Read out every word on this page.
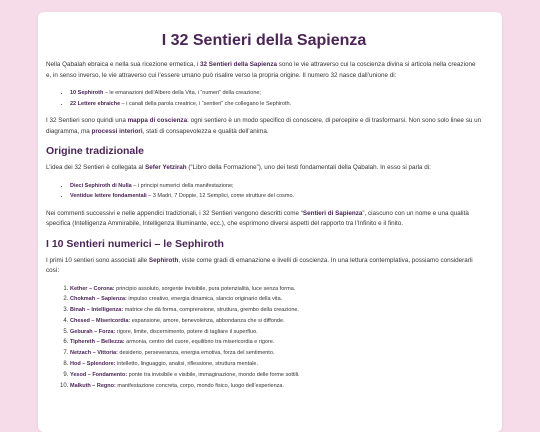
I 32 Sentieri della Sapienza

Nella Qabalah ebraica e nella sua ricezione ermetica, i 32 Sentieri della Sapienza sono le vie attraverso cui la coscienza divina si articola nella creazione e, in senso inverso, le vie attraverso cui l’essere umano può risalire verso la propria origine. Il numero 32 nasce dall’unione di:

• 10 Sephiroth – le emanazioni dell’Albero della Vita, i “numeri” della creazione;
• 22 Lettere ebraiche – i canali della parola creatrice, i “sentieri” che collegano le Sephiroth.

I 32 Sentieri sono quindi una mappa di coscienza: ogni sentiero è un modo specifico di conoscere, di percepire e di trasformarsi. Non sono solo linee su un diagramma, ma processi interiori, stati di consapevolezza e qualità dell’anima.

Origine tradizionale

L’idea dei 32 Sentieri è collegata al Sefer Yetzirah (“Libro della Formazione”), uno dei testi fondamentali della Qabalah. In esso si parla di:

• Dieci Sephiroth di Nulla – i principi numerici della manifestazione;
• Ventidue lettere fondamentali – 3 Madri, 7 Doppie, 12 Semplici, come strutture del cosmo.

Nei commenti successivi e nelle appendici tradizionali, i 32 Sentieri vengono descritti come “Sentieri di Sapienza”, ciascuno con un nome e una qualità specifica (Intelligenza Ammirabile, Intelligenza Illuminante, ecc.), che esprimono diversi aspetti del rapporto tra l’Infinito e il finito.

I 10 Sentieri numerici – le Sephiroth

I primi 10 sentieri sono associati alle Sephiroth, viste come gradi di emanazione e livelli di coscienza. In una lettura contemplativa, possiamo considerarli così:

1. Kether – Corona: principio assoluto, sorgente invisibile, pura potenzialità, luce senza forma.
2. Chokmah – Sapienza: impulso creativo, energia dinamica, slancio originario della vita.
3. Binah – Intelligenza: matrice che dà forma, comprensione, struttura, grembo della creazione.
4. Chesed – Misericordia: espansione, amore, benevolenza, abbondanza che si diffonde.
5. Geburah – Forza: rigore, limite, discernimento, potere di tagliare il superfluo.
6. Tiphereth – Bellezza: armonia, centro del cuore, equilibrio tra misericordia e rigore.
7. Netzach – Vittoria: desiderio, perseveranza, energia emotiva, forza del sentimento.
8. Hod – Splendore: intelletto, linguaggio, analisi, riflessione, struttura mentale.
9. Yesod – Fondamento: ponte tra invisibile e visibile, immaginazione, mondo delle forme sottili.
10. Malkuth – Regno: manifestazione concreta, corpo, mondo fisico, luogo dell’esperienza.
